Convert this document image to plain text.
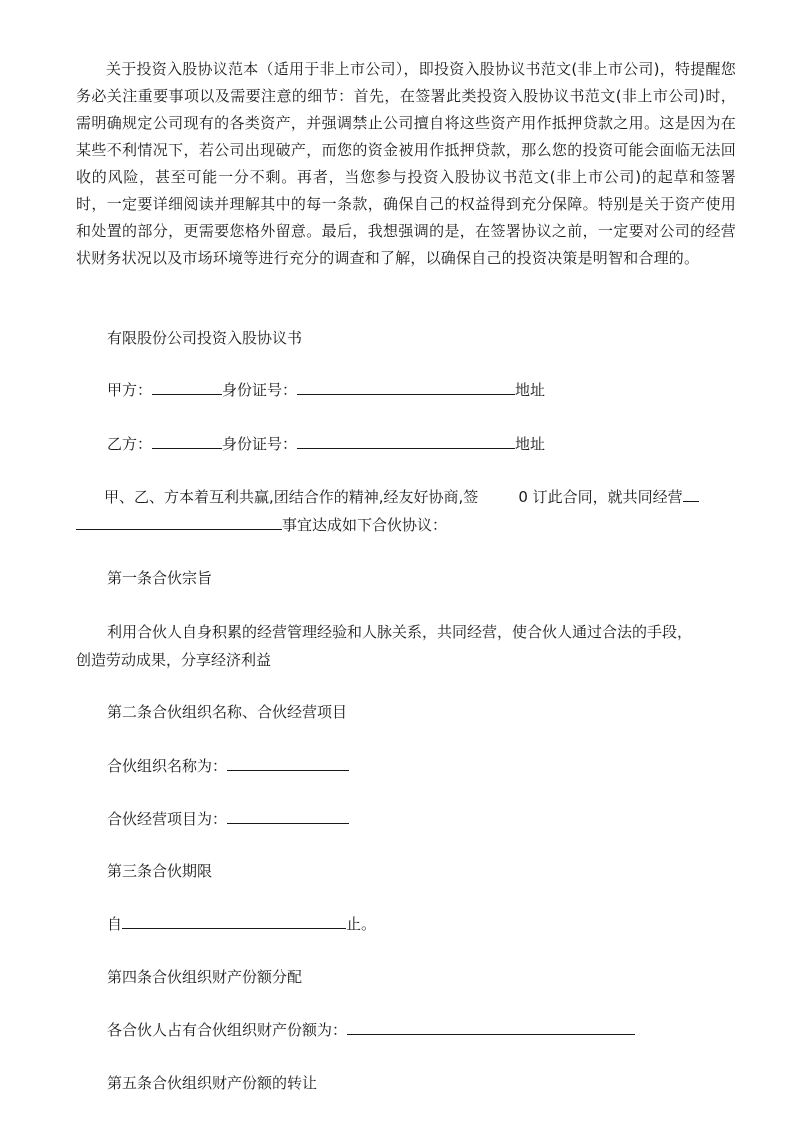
关于投资入股协议范本（适用于非上市公司），即投资入股协议书范文(非上市公司)，特提醒您务必关注重要事项以及需要注意的细节：首先，在签署此类投资入股协议书范文(非上市公司)时，需明确规定公司现有的各类资产，并强调禁止公司擅自将这些资产用作抵押贷款之用。这是因为在某些不利情况下，若公司出现破产，而您的资金被用作抵押贷款，那么您的投资可能会面临无法回收的风险，甚至可能一分不剩。再者，当您参与投资入股协议书范文(非上市公司)的起草和签署时，一定要详细阅读并理解其中的每一条款，确保自己的权益得到充分保障。特别是关于资产使用和处置的部分，更需要您格外留意。最后，我想强调的是，在签署协议之前，一定要对公司的经营状财务状况以及市场环境等进行充分的调查和了解，以确保自己的投资决策是明智和合理的。

有限股份公司投资入股协议书

甲方：	身份证号：	地址

乙方：	身份证号：	地址

甲、乙、方本着互利共赢,团结合作的精神,经友好协商,签	0 订此合同，就共同经营

事宜达成如下合伙协议：

第一条合伙宗旨

利用合伙人自身积累的经营管理经验和人脉关系，共同经营，使合伙人通过合法的手段，

创造劳动成果，分享经济利益

第二条合伙组织名称、合伙经营项目

合伙组织名称为：

合伙经营项目为：

第三条合伙期限

自	止。

第四条合伙组织财产份额分配

各合伙人占有合伙组织财产份额为：

第五条合伙组织财产份额的转让
